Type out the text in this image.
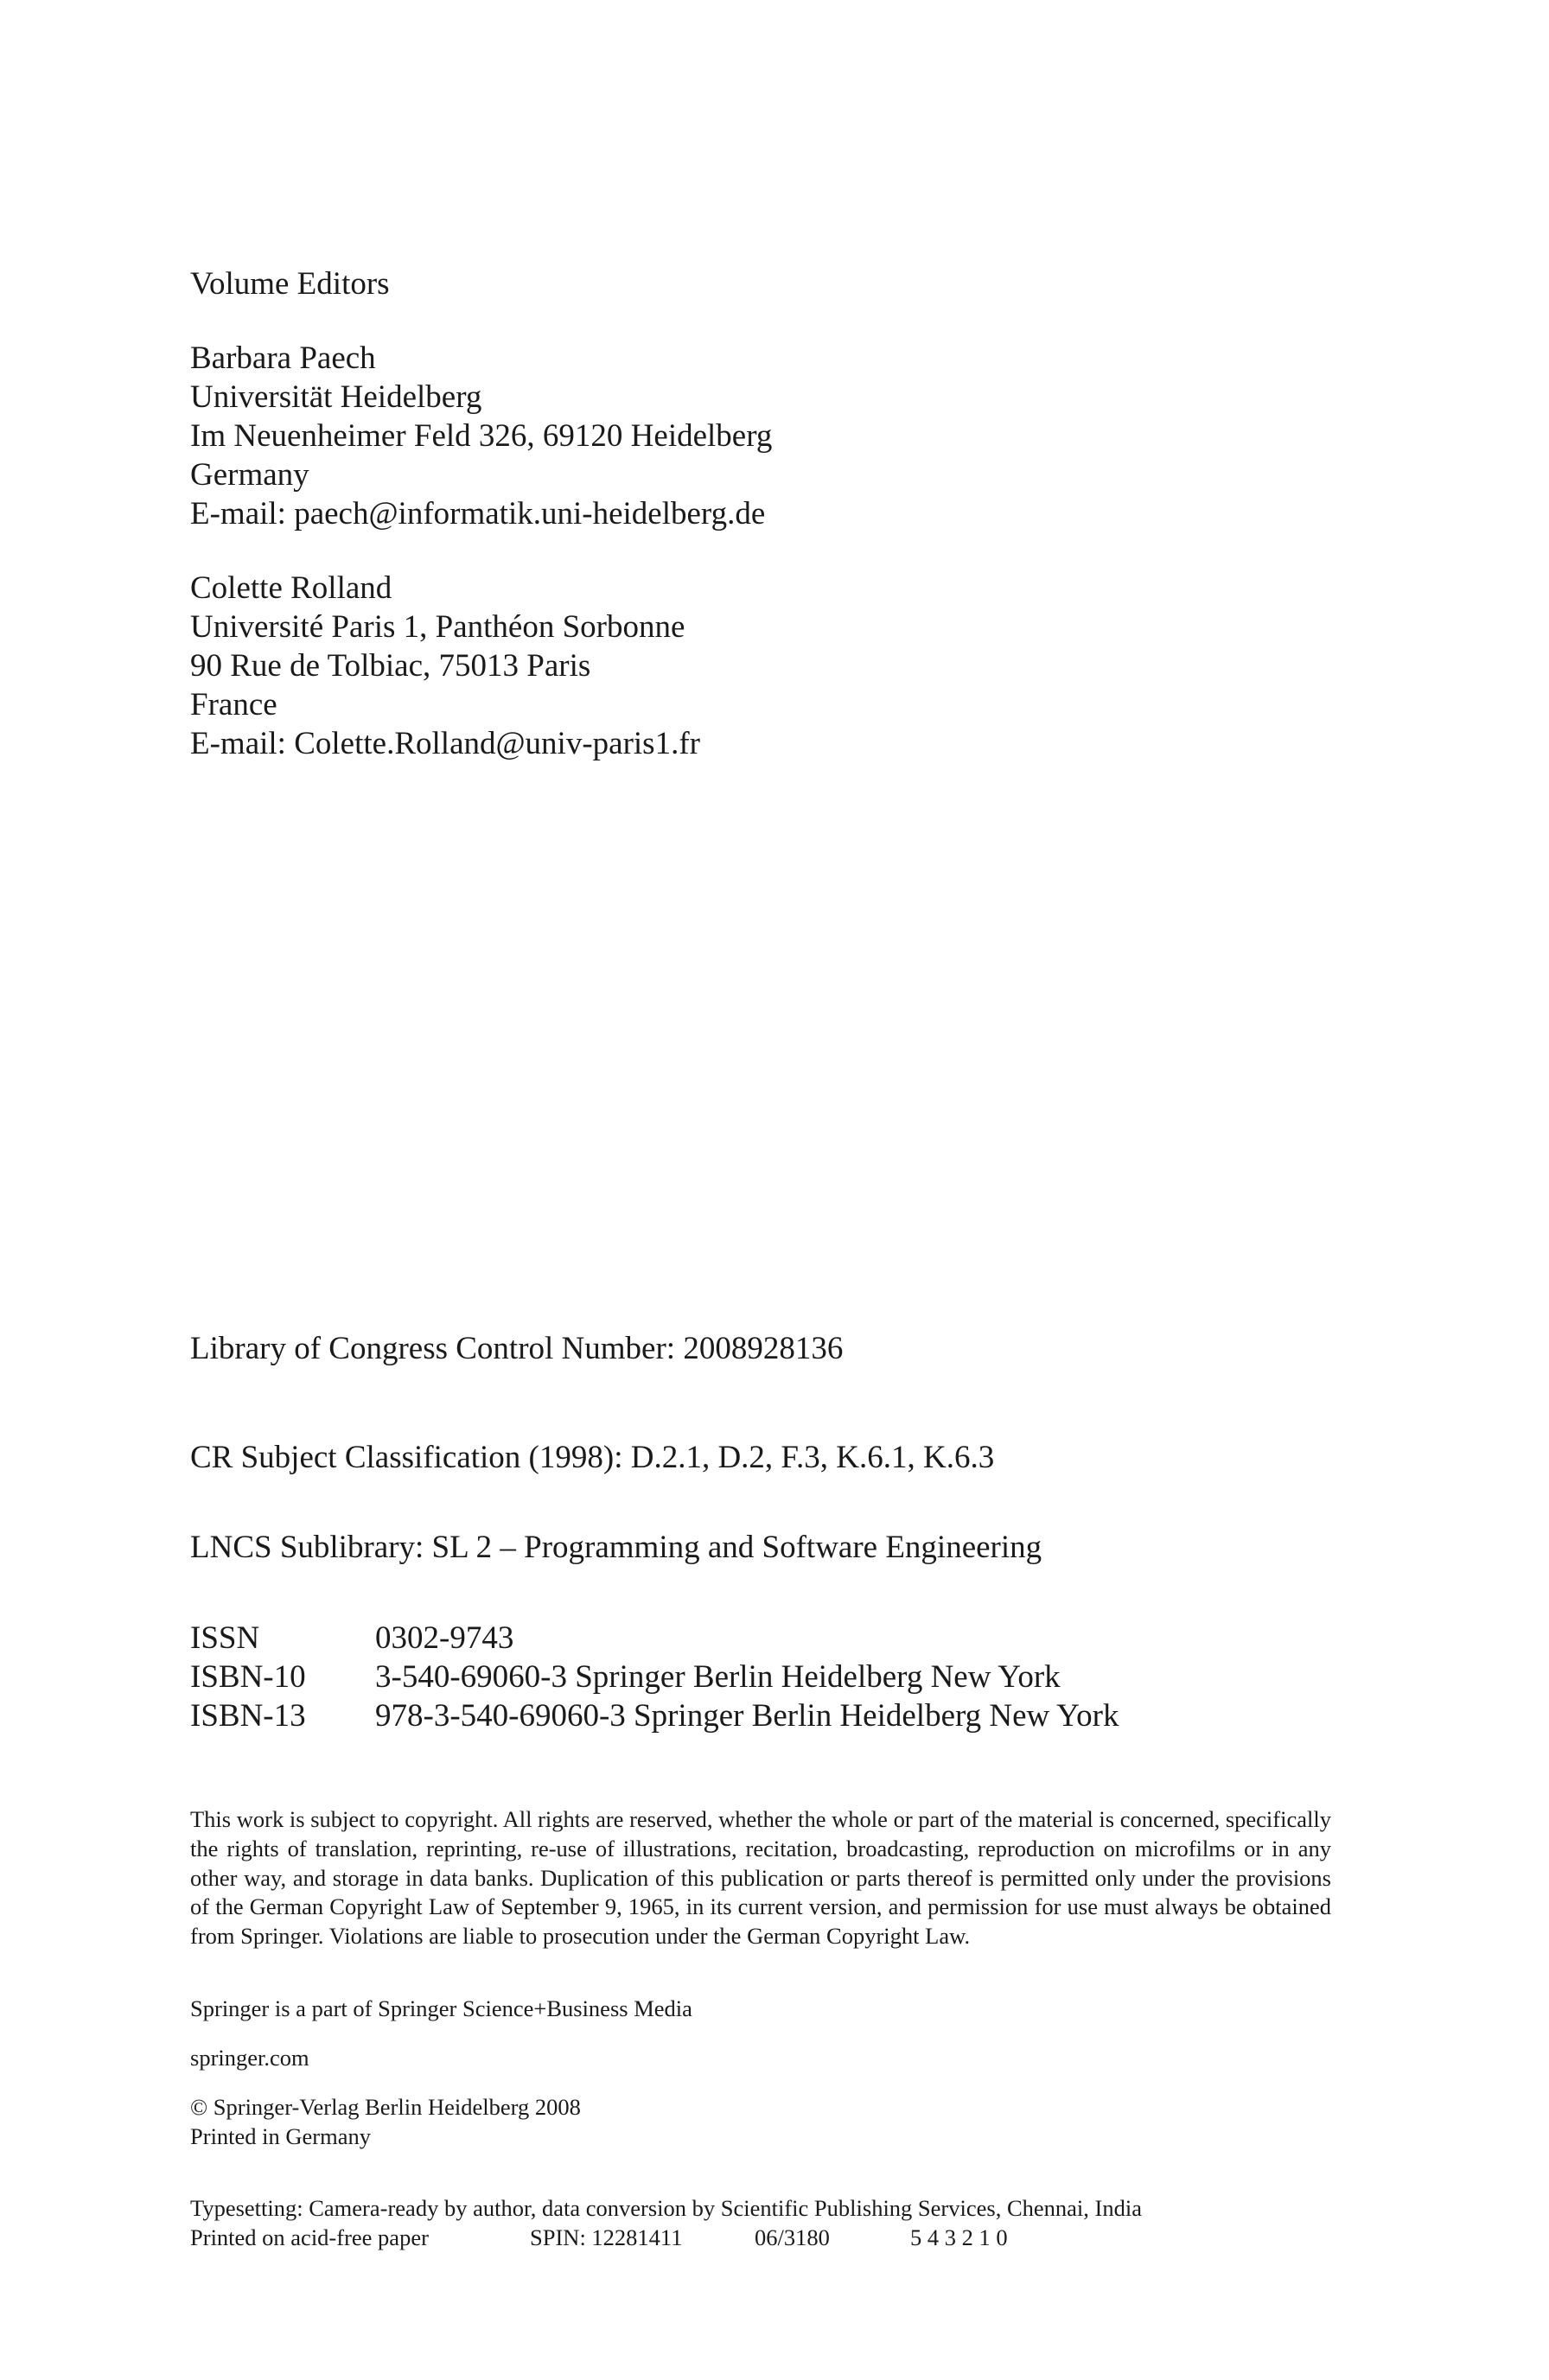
Volume Editors
Barbara Paech
Universität Heidelberg
Im Neuenheimer Feld 326, 69120 Heidelberg
Germany
E-mail: paech@informatik.uni-heidelberg.de
Colette Rolland
Université Paris 1, Panthéon Sorbonne
90 Rue de Tolbiac, 75013 Paris
France
E-mail: Colette.Rolland@univ-paris1.fr
Library of Congress Control Number: 2008928136
CR Subject Classification (1998): D.2.1, D.2, F.3, K.6.1, K.6.3
LNCS Sublibrary: SL 2 – Programming and Software Engineering
ISSN	0302-9743
ISBN-10 3-540-69060-3 Springer Berlin Heidelberg New York
ISBN-13 978-3-540-69060-3 Springer Berlin Heidelberg New York
This work is subject to copyright. All rights are reserved, whether the whole or part of the material is concerned, specifically the rights of translation, reprinting, re-use of illustrations, recitation, broadcasting, reproduction on microfilms or in any other way, and storage in data banks. Duplication of this publication or parts thereof is permitted only under the provisions of the German Copyright Law of September 9, 1965, in its current version, and permission for use must always be obtained from Springer. Violations are liable to prosecution under the German Copyright Law.
Springer is a part of Springer Science+Business Media
springer.com
© Springer-Verlag Berlin Heidelberg 2008
Printed in Germany
Typesetting: Camera-ready by author, data conversion by Scientific Publishing Services, Chennai, India
Printed on acid-free paper	SPIN: 12281411	06/3180	5 4 3 2 1 0
